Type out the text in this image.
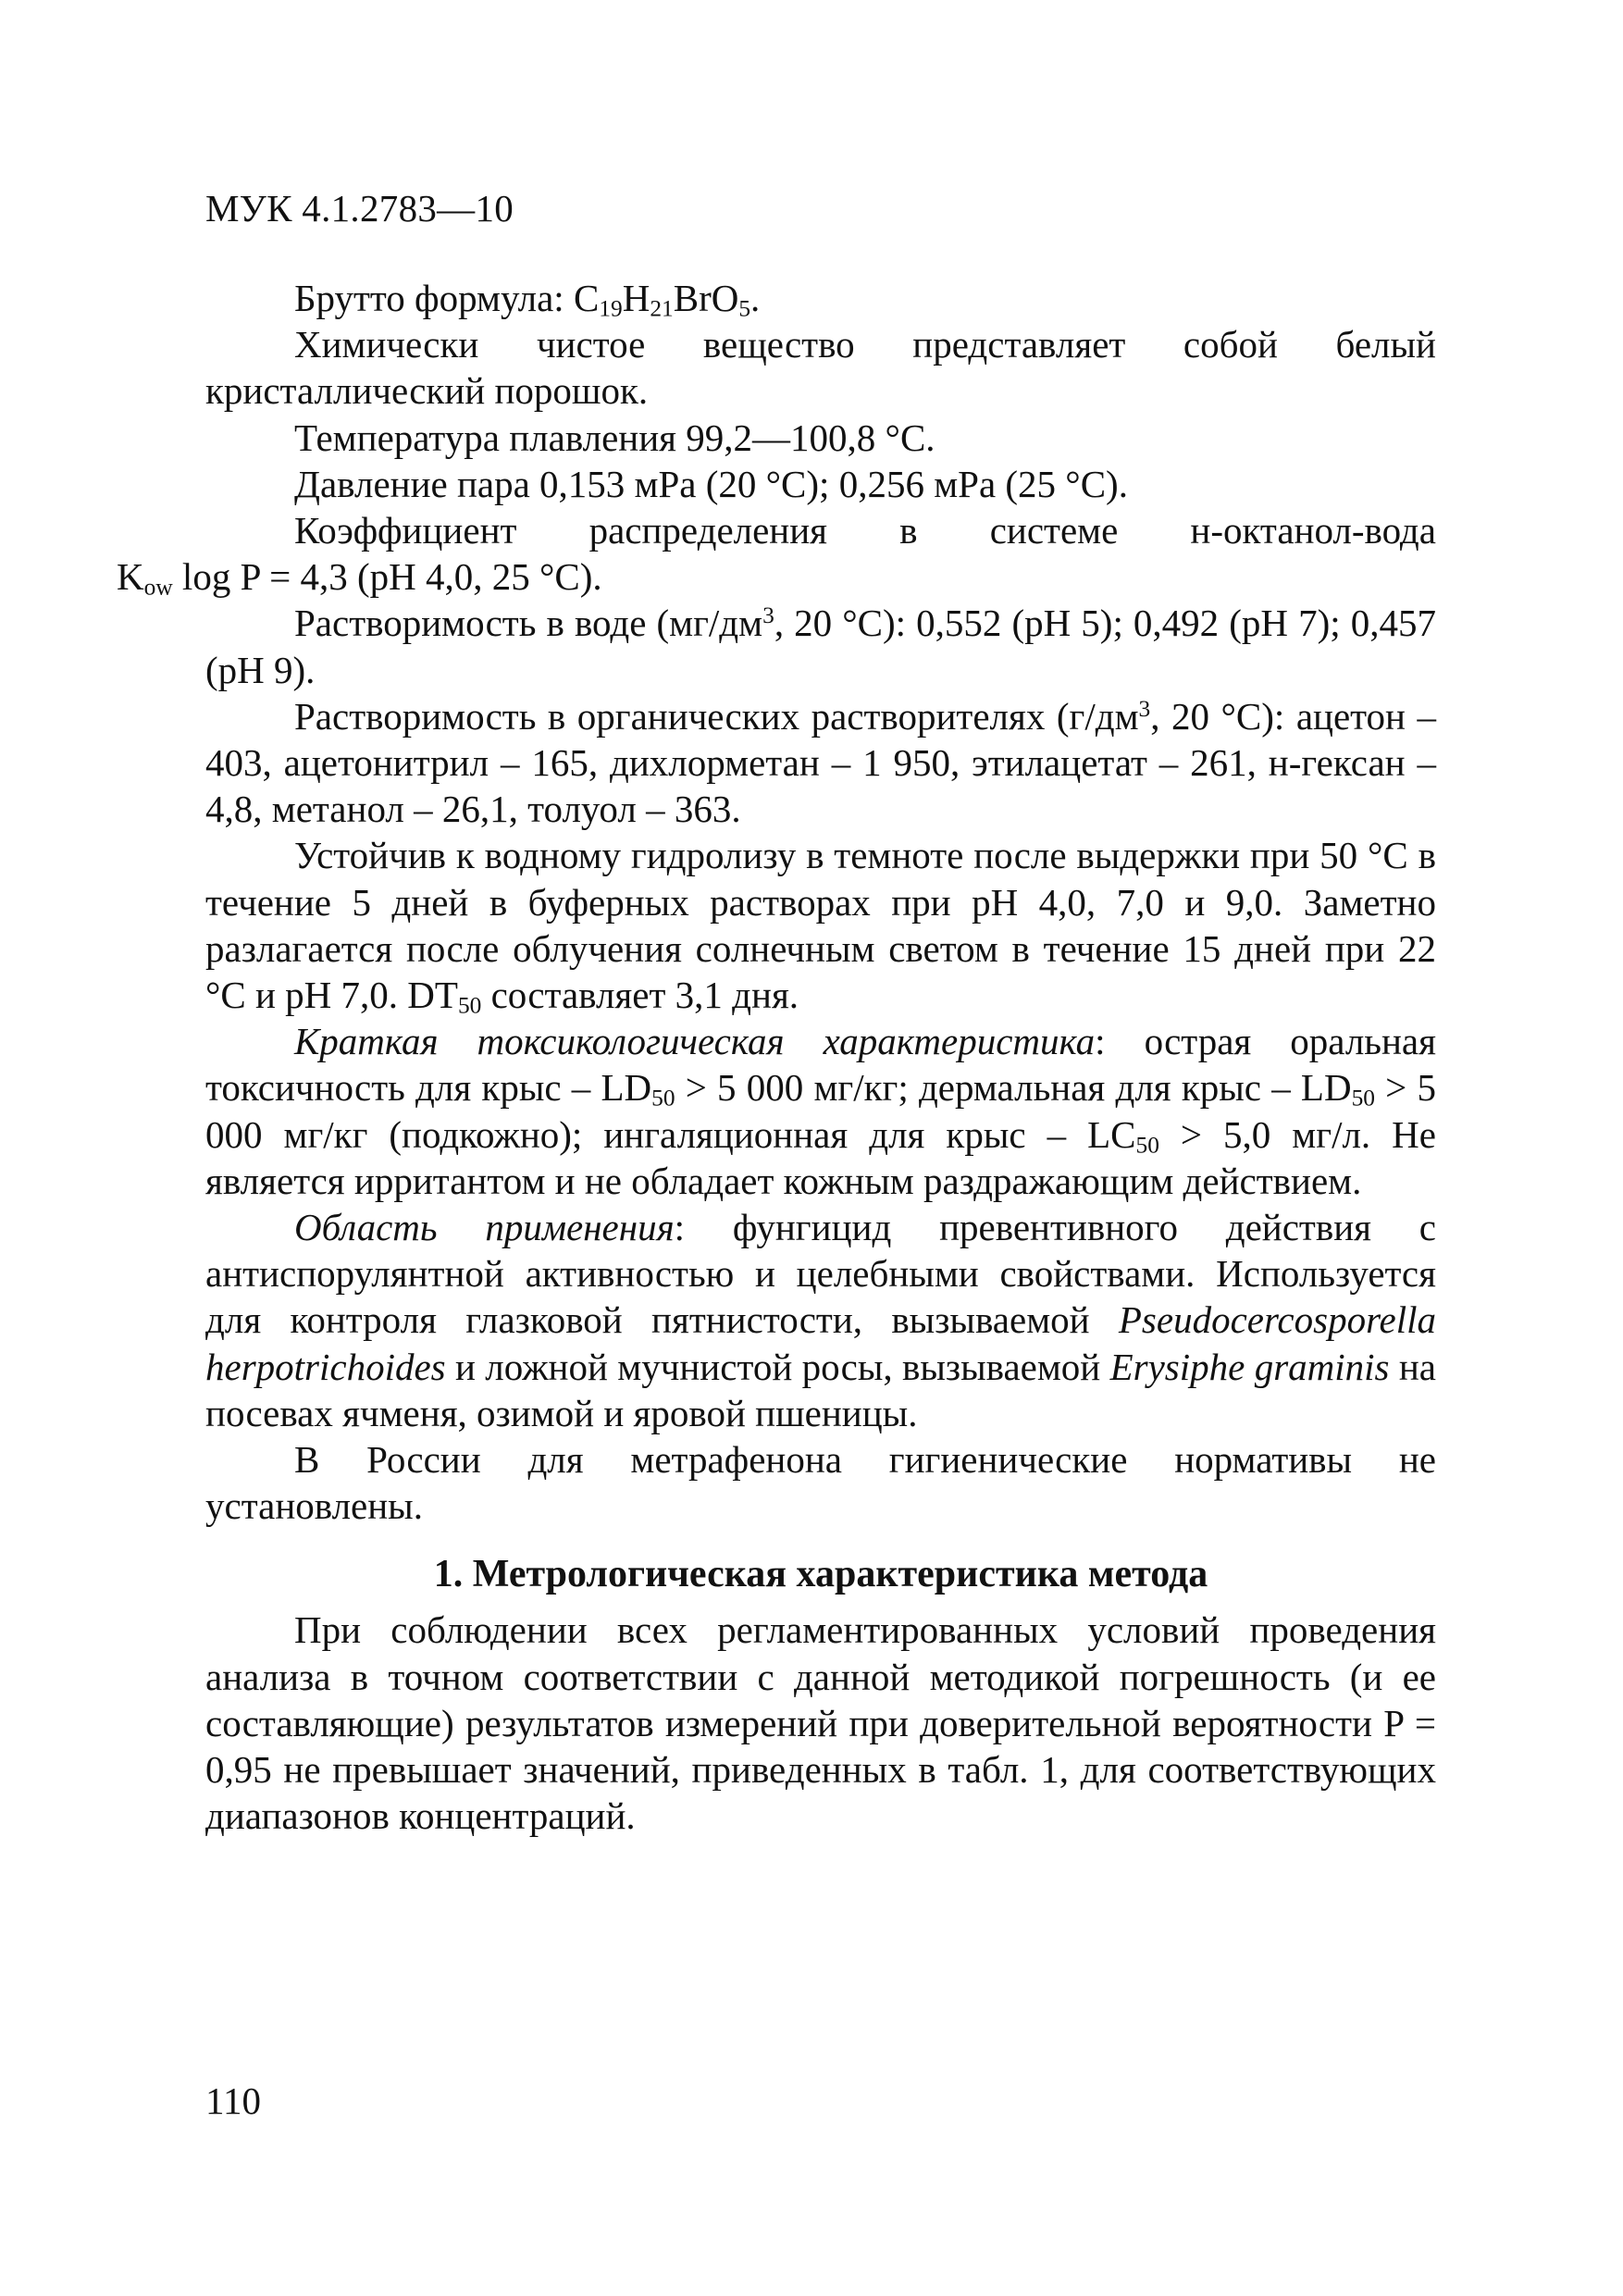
МУК 4.1.2783—10

Брутто формула: $C_{19}H_{21}BrO_5$.

Химически чистое вещество представляет собой белый кристаллический порошок.

Температура плавления 99,2—100,8 °С.

Давление пара 0,153 мPa (20 °С); 0,256 мPa (25 °С).

Коэффициент распределения в системе н-октанол-вода
$K_{ow}$ log P = 4,3 (pH 4,0, 25 °С).

Растворимость в воде ($мг/дм^3$, 20 °С): 0,552 (pH 5); 0,492 (pH 7); 0,457 (pH 9).

Растворимость в органических растворителях ($г/дм^3$, 20 °С): ацетон – 403, ацетонитрил – 165, дихлорметан – 1 950, этилацетат – 261, н-гексан – 4,8, метанол – 26,1, толуол – 363.

Устойчив к водному гидролизу в темноте после выдержки при 50 °С в течение 5 дней в буферных растворах при pH 4,0, 7,0 и 9,0. Заметно разлагается после облучения солнечным светом в течение 15 дней при 22 °С и pH 7,0. $DT_{50}$ составляет 3,1 дня.

Краткая токсикологическая характеристика: острая оральная токсичность для крыс – $LD_{50} > 5$ 000 мг/кг; дермальная для крыс – $LD_{50} > 5$ 000 мг/кг (подкожно); ингаляционная для крыс – $LC_{50} > 5,0$ мг/л. Не является ирритантом и не обладает кожным раздражающим действием.

Область применения: фунгицид превентивного действия с антиспорулянтной активностью и целебными свойствами. Используется для контроля глазковой пятнистости, вызываемой Pseudocercosporella herpotrichoides и ложной мучнистой росы, вызываемой Erysiphe graminis на посевах ячменя, озимой и яровой пшеницы.

В России для метрафенона гигиенические нормативы не установлены.

1. Метрологическая характеристика метода

При соблюдении всех регламентированных условий проведения анализа в точном соответствии с данной методикой погрешность (и ее составляющие) результатов измерений при доверительной вероятности P = 0,95 не превышает значений, приведенных в табл. 1, для соответствующих диапазонов концентраций.

110
